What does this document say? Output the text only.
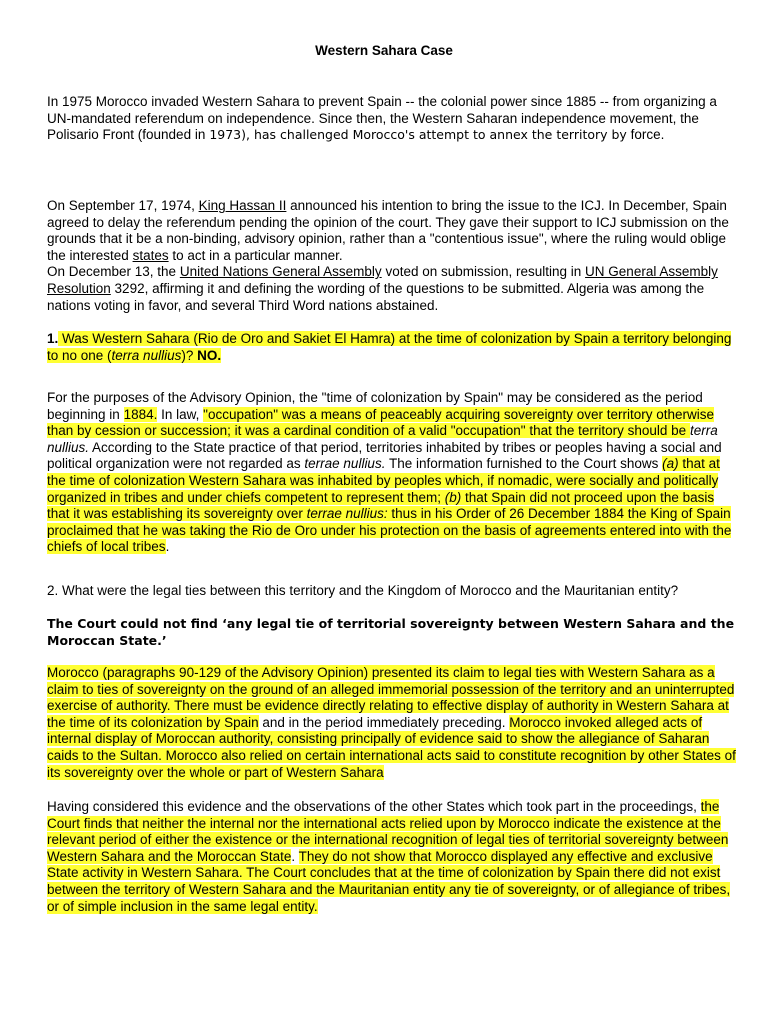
Western Sahara Case

In 1975 Morocco invaded Western Sahara to prevent Spain -- the colonial power since 1885 -- from organizing a UN-mandated referendum on independence. Since then, the Western Saharan independence movement, the Polisario Front (founded in 1973), has challenged Morocco's attempt to annex the territory by force.

On September 17, 1974, King Hassan II announced his intention to bring the issue to the ICJ. In December, Spain agreed to delay the referendum pending the opinion of the court. They gave their support to ICJ submission on the grounds that it be a non-binding, advisory opinion, rather than a "contentious issue", where the ruling would oblige the interested states to act in a particular manner.
On December 13, the United Nations General Assembly voted on submission, resulting in UN General Assembly Resolution 3292, affirming it and defining the wording of the questions to be submitted. Algeria was among the nations voting in favor, and several Third Word nations abstained.

1. Was Western Sahara (Rio de Oro and Sakiet El Hamra) at the time of colonization by Spain a territory belonging to no one (terra nullius)? NO.

For the purposes of the Advisory Opinion, the "time of colonization by Spain" may be considered as the period beginning in 1884. In law, "occupation" was a means of peaceably acquiring sovereignty over territory otherwise than by cession or succession; it was a cardinal condition of a valid "occupation" that the territory should be terra nullius. According to the State practice of that period, territories inhabited by tribes or peoples having a social and political organization were not regarded as terrae nullius. The information furnished to the Court shows (a) that at the time of colonization Western Sahara was inhabited by peoples which, if nomadic, were socially and politically organized in tribes and under chiefs competent to represent them; (b) that Spain did not proceed upon the basis that it was establishing its sovereignty over terrae nullius: thus in his Order of 26 December 1884 the King of Spain proclaimed that he was taking the Rio de Oro under his protection on the basis of agreements entered into with the chiefs of local tribes.

2. What were the legal ties between this territory and the Kingdom of Morocco and the Mauritanian entity?

The Court could not find ‘any legal tie of territorial sovereignty between Western Sahara and the Moroccan State.’

Morocco (paragraphs 90-129 of the Advisory Opinion) presented its claim to legal ties with Western Sahara as a claim to ties of sovereignty on the ground of an alleged immemorial possession of the territory and an uninterrupted exercise of authority. There must be evidence directly relating to effective display of authority in Western Sahara at the time of its colonization by Spain and in the period immediately preceding. Morocco invoked alleged acts of internal display of Moroccan authority, consisting principally of evidence said to show the allegiance of Saharan caids to the Sultan. Morocco also relied on certain international acts said to constitute recognition by other States of its sovereignty over the whole or part of Western Sahara

Having considered this evidence and the observations of the other States which took part in the proceedings, the Court finds that neither the internal nor the international acts relied upon by Morocco indicate the existence at the relevant period of either the existence or the international recognition of legal ties of territorial sovereignty between Western Sahara and the Moroccan State. They do not show that Morocco displayed any effective and exclusive State activity in Western Sahara. The Court concludes that at the time of colonization by Spain there did not exist between the territory of Western Sahara and the Mauritanian entity any tie of sovereignty, or of allegiance of tribes, or of simple inclusion in the same legal entity.
